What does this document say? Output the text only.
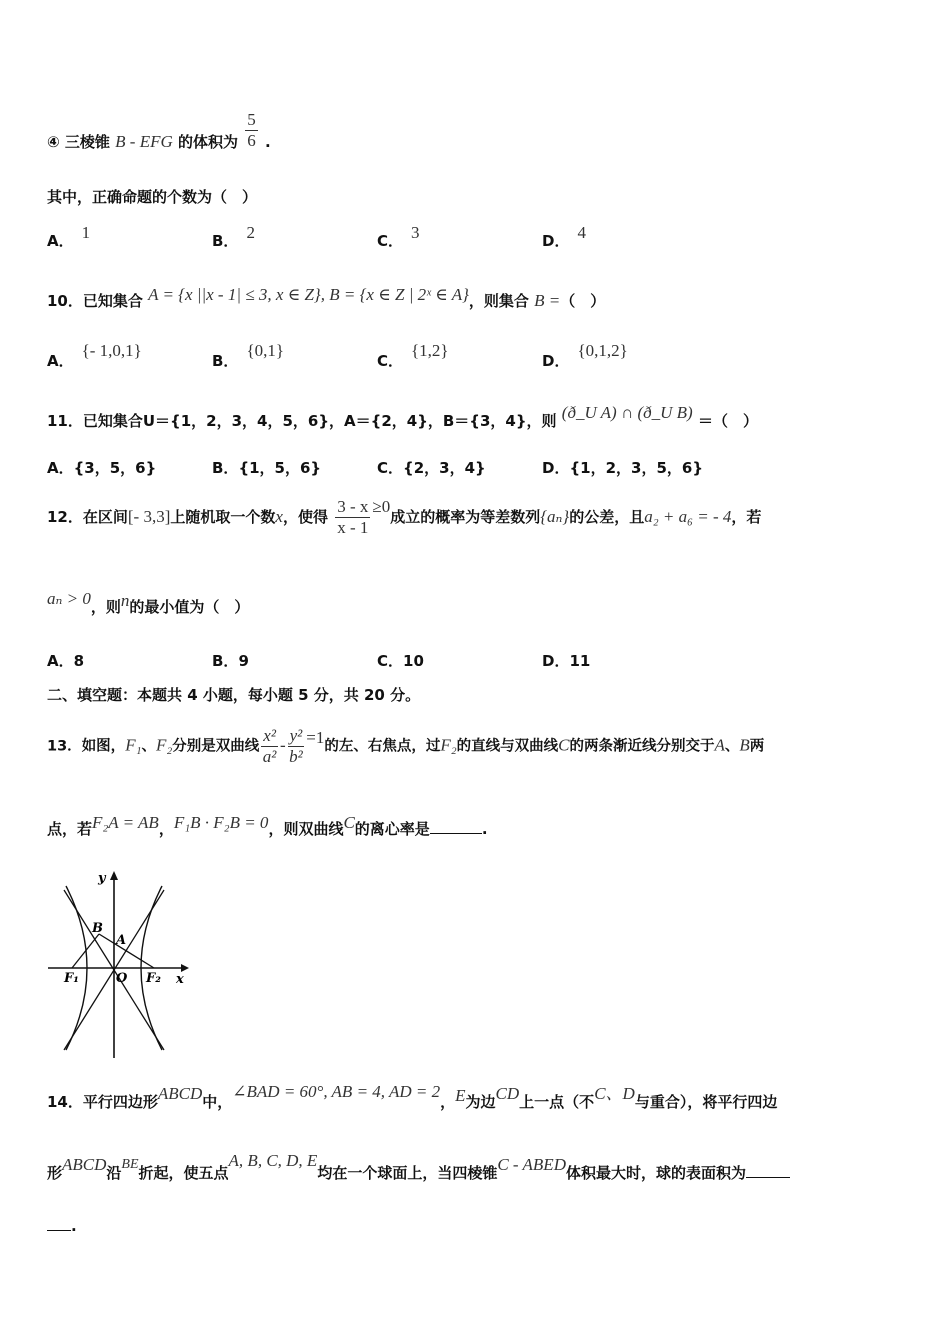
④ 三棱锥 B - EFG 的体积为 $\frac{5}{6}$ .
其中，正确命题的个数为（　）
A． 1	B． 2	C． 3	D． 4
10．已知集合 A = {x ||x - 1| ≤ 3, x ∈ Z}, B = {x ∈ Z | 2ˣ ∈ A}，则集合 B =（　）
A．{- 1,0,1}
B．{0,1}
C．{1,2}
D．{0,1,2}
11．已知集合U＝{1，2，3，4，5，6}，A＝{2，4}，B＝{3，4}，则 (ð_U A) ∩ (ð_U B) ＝（　）
A．{3，5，6}	B．{1，5，6}	C．{2，3，4}	D．{1，2，3，5，6}
12．在区间[- 3,3]上随机取一个数x，使得 $\frac{3 - x}{x - 1} \ge 0$成立的概率为等差数列{aₙ}的公差，且a₂ + a₆ = - 4，若
aₙ > 0，则n的最小值为（　）
A．8	B．9	C．10	D．11
二、填空题：本题共 4 小题，每小题 5 分，共 20 分。
13．如图，F₁、F₂分别是双曲线 $\frac{\text{x²}}{\text{a²}} - \frac{\text{y²}}{\text{b²}} =1$的左、右焦点，过F₂的直线与双曲线C的两条渐近线分别交于A、B两
点，若F₂A = AB，F₁B · F₂B = 0，则双曲线C的离心率是	.
y
x
B
A
O
F₁	F₂
14．平行四边形ABCD中，∠BAD = 60°, AB = 4, AD = 2，E为边CD上一点（不C、D与重合），将平行四边
形ABCD沿BE折起，使五点A, B, C, D, E均在一个球面上，当四棱锥C - ABED体积最大时，球的表面积为
.
